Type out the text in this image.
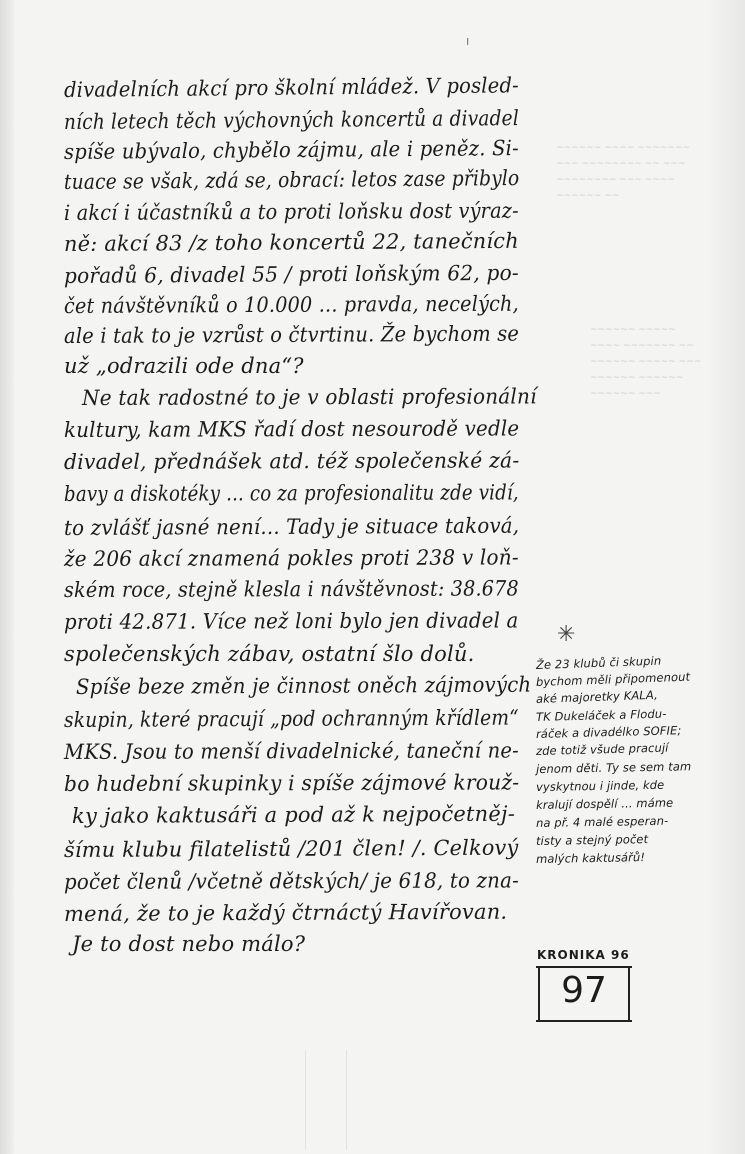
ı
~~~~~~ ~~~~ ~~~~~~~
~~~ ~~~~~~~~ ~~ ~~~
~~~~~~~~ ~~~ ~~~~
~~~~~~ ~~
~~~~~~ ~~~~~
~~~~ ~~~~~~~ ~~
~~~~~~ ~~~~~ ~~~
~~~~~~ ~~~~~~
~~~~~~ ~~~
divadelních akcí pro školní mládež. V posled-
ních letech těch výchovných koncertů a divadel
spíše ubývalo, chybělo zájmu, ale i peněz. Si-
tuace se však, zdá se, obrací: letos zase přibylo
i akcí i účastníků a to proti loňsku dost výraz-
ně: akcí 83 /z toho koncertů 22, tanečních
pořadů 6, divadel 55 / proti loňským 62, po-
čet návštěvníků o 10.000 ... pravda, necelých,
ale i tak to je vzrůst o čtvrtinu. Že bychom se
už „odrazili ode dna“?
Ne tak radostné to je v oblasti profesionální
kultury, kam MKS řadí dost nesourodě vedle
divadel, přednášek atd. též společenské zá-
bavy a diskotéky ... co za profesionalitu zde vidí,
to zvlášť jasné není... Tady je situace taková,
že 206 akcí znamená pokles proti 238 v loň-
ském roce, stejně klesla i návštěvnost: 38.678
proti 42.871. Více než loni bylo jen divadel a
společenských zábav, ostatní šlo dolů.
Spíše beze změn je činnost oněch zájmových
skupin, které pracují „pod ochranným křídlem“
MKS. Jsou to menší divadelnické, taneční ne-
bo hudební skupinky i spíše zájmové krouž-
ky jako kaktusáři a pod až k nejpočetněj-
šímu klubu filatelistů /201 člen! /. Celkový
počet členů /včetně dětských/ je 618, to zna-
mená, že to je každý čtrnáctý Havířovan.
Je to dost nebo málo?
✳
Že 23 klubů či skupin
bychom měli připomenout
aké majoretky KALA,
TK Dukeláček a Flodu-
ráček a divadélko SOFIE;
zde totiž všude pracují
jenom děti. Ty se sem tam
vyskytnou i jinde, kde
kralují dospělí ... máme
na př. 4 malé esperan-
tisty a stejný počet
malých kaktusářů!
KRONIKA 96
97
